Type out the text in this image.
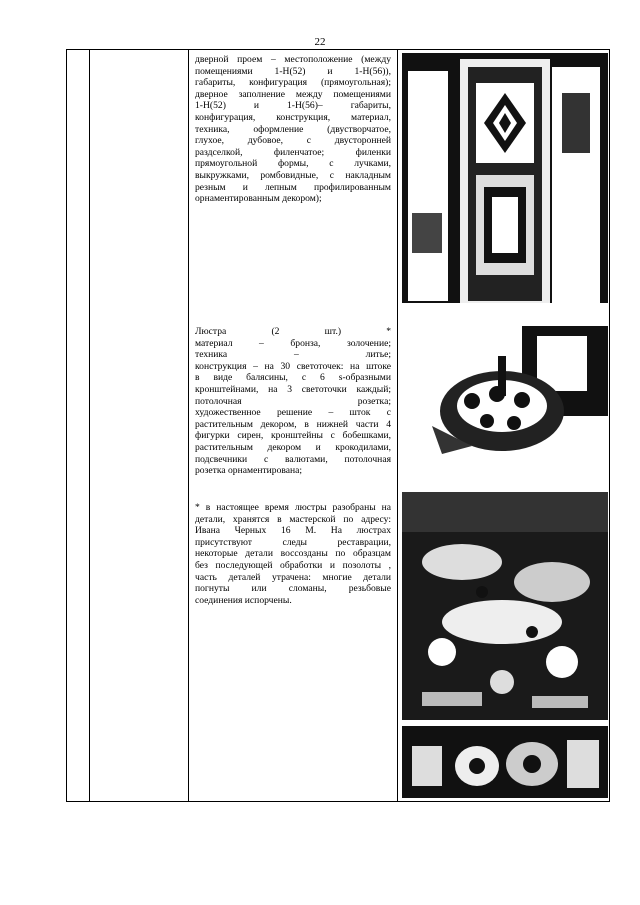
22

дверной проем – местоположение (между

помещениями 1-Н(52) и 1-Н(56)),

габариты, конфигурация (прямоугольная);

дверное заполнение между помещениями

1-Н(52) и 1-Н(56)– габариты,

конфигурация, конструкция, материал,

техника, оформление (двустворчатое,

глухое, дубовое, с двусторонней

раздселкой, филенчатое; филенки

прямоугольной формы, с лучками,

выкружками, ромбовидные, с накладным

резным и лепным профилированным

орнаментированным декором);

Люстра (2 шт.) *

материал – бронза, золочение;

техника – литье;

конструкция – на 30 светоточек: на штоке

в виде балясины, с 6 s-образными

кронштейнами, на 3 светоточки каждый;

потолочная розетка;

художественное решение – шток с

растительным декором, в нижней части 4

фигурки сирен, кронштейны с бобешками,

растительным декором и крокодилами,

подсвечники с валютами, потолочная

розетка орнаментирована;

* в настоящее время люстры разобраны на

детали, хранятся в мастерской по адресу:

Ивана Черных 16 М. На люстрах

присутствуют следы реставрации,

некоторые детали воссозданы по образцам

без последующей обработки и позолоты ,

часть деталей утрачена: многие детали

погнуты или сломаны, резьбовые

соединения испорчены.
